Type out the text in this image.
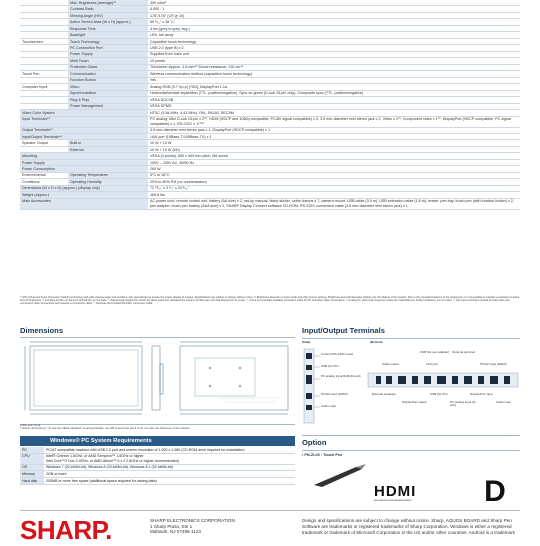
	Max. Brightness (average)*¹	300 cd/m²
	Contrast Ratio	4,000 : 1
	Viewing Angle (H/V)	176°/176° (CR ≧ 10)
	Active Screen Area (W x H) (approx.)	69 ⁵⁄₁₆" x 38 ⁷⁄₈"
	Response Time	4 ms (grey to grey, avg.)
	Backlight	LED, full array
Touchscreen	Touch Technology	Capacitive touch technology
	PC Connection Port	USB 2.0 (type B) x 2
	Power Supply	Supplied from main unit
	Multi Touch	10 points
	Protection Glass	Thickness: Approx. 3.8 mm*² Shock resistance: 130 cm*³
Touch Pen	Communication	Wireless communication method (capacitive touch technology)
	Function Button	Yes
Computer Input	Video	Analog RGB (0.7 Vp-p) [75Ω], DisplayPort 1.1a
	Synchronization	Horizontal/vertical separation (TTL: positive/negative), Sync on green (D-sub 15-pin only), Composite sync (TTL: positive/negative)
	Plug & Play	VESA DDC2B
	Power Management	VESA DPMS
Video Color System		NTSC (3.58 MHz, 4.43 MHz), PAL, PAL60, SECAM
Input Terminals*⁴		PC analog: Mini D-sub 15-pin x 2*⁵, HDMI (HDCP and 1080p compatible, PC/AV signal compatible) x 3, 3.5 mm-diameter mini stereo jack x 2, Video x 1*⁶, Component video x 1*⁶, DisplayPort (HDCP compatible, PC signal compatible) x 1, RS-232C x 1*⁷*⁸
Output Terminals*⁴		3.5 mm-diameter mini stereo jack x 1, DisplayPort (HDCP compatible) x 1
Input/Output Terminals*⁴		LAN port (10Base-T/100Base-TX) x 1
Speaker Output	Built-in	10 W + 10 W
	External	10 W + 10 W (6Ω)
Mounting		VESA (4 points), 600 x 400 mm pitch, M6 screw
Power Supply		100V – 240V AC, 50/60 Hz
Power Consumption		260 W
Environmental	Operating Temperature	5°C to 35°C
Conditions	Operating Humidity	20% to 80% RH (no condensation)
Dimensions (W x D x H) (approx.) (display only)		72 ¹³⁄₁₆" x 3 ¹⁄₂" x 43 ⁵⁄₁₆"
Weight (approx.)		169.8 lbs
Main Accessories		AC power cord, remote control unit, battery (AA size) x 2, set-up manual, blank sticker, cable clamps x 7, camera mount, USB cable (3.0 m), USB extension cable (1.8 m), eraser, pen tray, touch pen (with function button) x 2, pen adapter, touch pen battery (AAA size) x 2, SHARP Display Connect software CD-ROM, RS-232C conversion cable (3.5 mm-diameter mini stereo jack) x 1
*¹ IPS (Advanced Super Dimension Switch) technology with wide viewing angle and excellent color reproduction to ensure the proper display of images. Specifications are subject to change without notice. *² Brightness depends on input mode and other picture settings. Brightness level will decrease slightly over the lifetime of the product. Due to the physical limitations of the equipment, it is not possible to maintain a precisely constant level of brightness. *³ Including AG film on the front and AR film on the back. *⁴ Approximate height from which the glass panel can withstand the impact of a 500-gram iron ball dropped on its center. *⁵ Use a commercially available connection cable for PC and other video connections. *⁶ Analog PC video and component video are switchable (on bottom interface); use for video. *⁷ One input terminal is shared for both video and component video connections and requires a conversion cable. *⁸ Requires the bundled RS-232C conversion cable.
Dimensions
Units: inch (mm)
* Screen dimensions * To use the VESA-standard mounting bracket, use M6 screws that are 8 to 10 mm plus the thickness of the bracket.
Windows® PC System Requirements
PC	PC/AT compatible machine with USB 2.0 port and screen resolution of 1,920 x 1,080 (CD-ROM drive required for installation)
CPU	Intel® Celeron 1.6GHz, or AMD Sempron™ 1.6GHz or higher
Intel Core™2 Duo 2.0GHz, or AMD Athlon™ II x 2 2.8GHz or higher recommended)
OS	Windows 7 (32-bit/64-bit), Windows 8 (32-bit/64-bit), Windows 8.1 (32-bit/64-bit)
Memory	2GB or more
Hard disk	200MB or more free space (additional space required for saving data)
Input/Output Terminals
(Side)	(Bottom)
Control (RS-232C input)
USB (for PC)
PC analog input RGB (D-sub)
PC/AV input (HDMI)
Audio input
USB (for pen adapter) Optional terminal
Audio output	LAN port	PC/AV input (HDMI)
External speakers
DisplayPort output
USB (for PC)
PC analog input (D-sub)
DisplayPort input
Audio input
Option
• PN-ZL03 : Touch Pen
HDMI
HIGH-DEFINITION MULTIMEDIA INTERFACE	D
SHARP.	SHARP ELECTRONICS CORPORATION
1 Sharp Plaza, Ste 1
Mahwah, NJ 07495-1123
Design and specifications are subject to change without notice. Sharp, AQUOS BOARD and Sharp Pen Software are trademarks or registered trademarks of Sharp Corporation. Windows is either a registered trademark or trademark of Microsoft Corporation in the US and/or other countries. Android is a trademark
